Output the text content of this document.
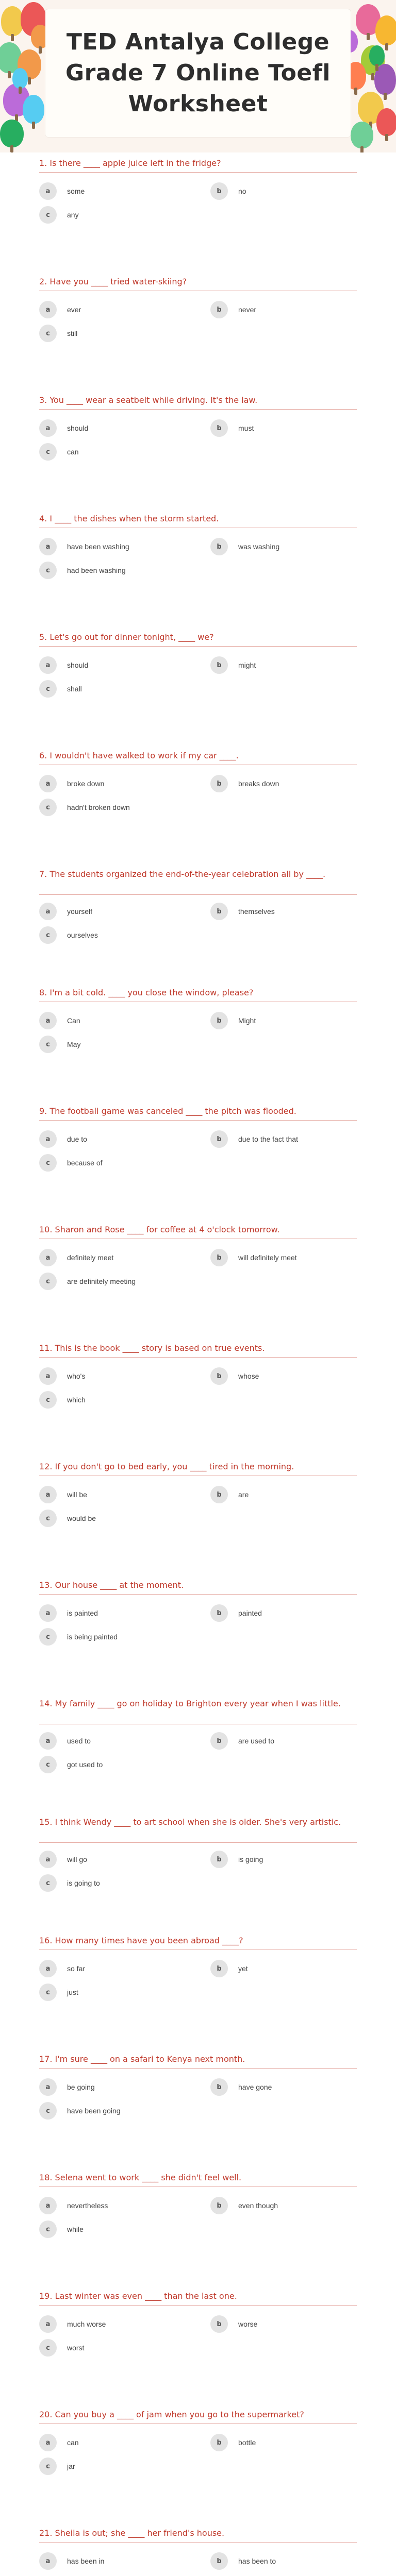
TED Antalya College Grade 7 Online Toefl Worksheet
1. Is there ____ apple juice left in the fridge?
a	some	b	no
c	any
2. Have you ____ tried water-skiing?
a	ever	b	never
c	still
3. You ____ wear a seatbelt while driving. It's the law.
a	should	b	must
c	can
4. I ____ the dishes when the storm started.
a	have been washing	b	was washing
c	had been washing
5. Let's go out for dinner tonight, ____ we?
a	should	b	might
c	shall
6. I wouldn't have walked to work if my car ____.
a	broke down	b	breaks down
c	hadn't broken down
7. The students organized the end-of-the-year celebration all by ____.
a	yourself	b	themselves
c	ourselves
8. I'm a bit cold. ____ you close the window, please?
a	Can	b	Might
c	May
9. The football game was canceled ____ the pitch was flooded.
a	due to	b	due to the fact that
c	because of
10. Sharon and Rose ____ for coffee at 4 o'clock tomorrow.
a	definitely meet	b	will definitely meet
c	are definitely meeting
11. This is the book ____ story is based on true events.
a	who's	b	whose
c	which
12. If you don't go to bed early, you ____ tired in the morning.
a	will be	b	are
c	would be
13. Our house ____ at the moment.
a	is painted	b	painted
c	is being painted
14. My family ____ go on holiday to Brighton every year when I was little.
a	used to	b	are used to
c	got used to
15. I think Wendy ____ to art school when she is older. She's very artistic.
a	will go	b	is going
c	is going to
16. How many times have you been abroad ____?
a	so far	b	yet
c	just
17. I'm sure ____ on a safari to Kenya next month.
a	be going	b	have gone
c	have been going
18. Selena went to work ____ she didn't feel well.
a	nevertheless	b	even though
c	while
19. Last winter was even ____ than the last one.
a	much worse	b	worse
c	worst
20. Can you buy a ____ of jam when you go to the supermarket?
a	can	b	bottle
c	jar
21. Sheila is out; she ____ her friend's house.
a	has been in	b	has been to
